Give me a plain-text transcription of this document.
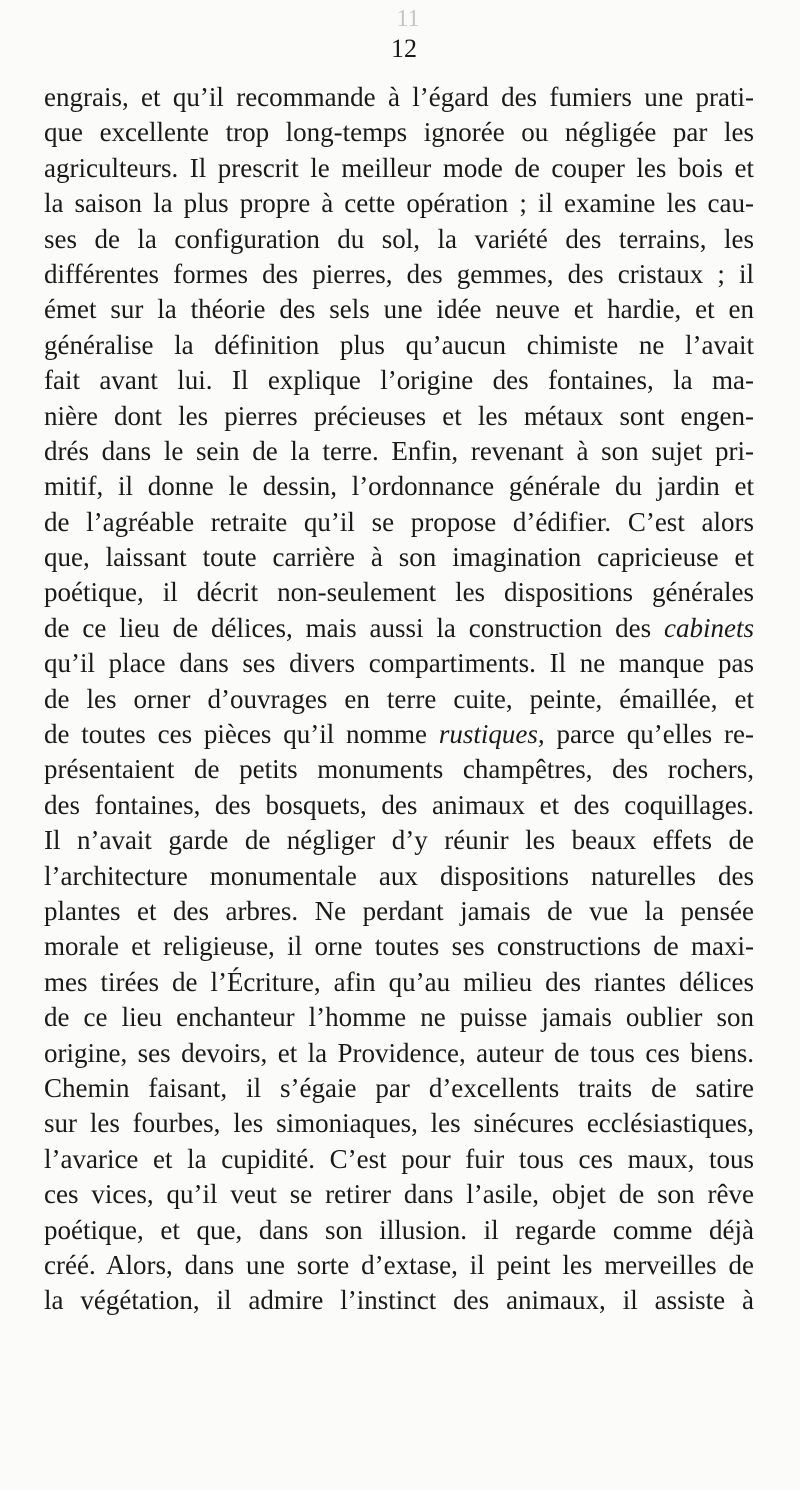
11
12
engrais, et qu’il recommande à l’égard des fumiers une prati-
que excellente trop long-temps ignorée ou négligée par les
agriculteurs. Il prescrit le meilleur mode de couper les bois et
la saison la plus propre à cette opération ; il examine les cau-
ses de la configuration du sol, la variété des terrains, les
différentes formes des pierres, des gemmes, des cristaux ; il
émet sur la théorie des sels une idée neuve et hardie, et en
généralise la définition plus qu’aucun chimiste ne l’avait
fait avant lui. Il explique l’origine des fontaines, la ma-
nière dont les pierres précieuses et les métaux sont engen-
drés dans le sein de la terre. Enfin, revenant à son sujet pri-
mitif, il donne le dessin, l’ordonnance générale du jardin et
de l’agréable retraite qu’il se propose d’édifier. C’est alors
que, laissant toute carrière à son imagination capricieuse et
poétique, il décrit non-seulement les dispositions générales
de ce lieu de délices, mais aussi la construction des cabinets
qu’il place dans ses divers compartiments. Il ne manque pas
de les orner d’ouvrages en terre cuite, peinte, émaillée, et
de toutes ces pièces qu’il nomme rustiques, parce qu’elles re-
présentaient de petits monuments champêtres, des rochers,
des fontaines, des bosquets, des animaux et des coquillages.
Il n’avait garde de négliger d’y réunir les beaux effets de
l’architecture monumentale aux dispositions naturelles des
plantes et des arbres. Ne perdant jamais de vue la pensée
morale et religieuse, il orne toutes ses constructions de maxi-
mes tirées de l’Écriture, afin qu’au milieu des riantes délices
de ce lieu enchanteur l’homme ne puisse jamais oublier son
origine, ses devoirs, et la Providence, auteur de tous ces biens.
Chemin faisant, il s’égaie par d’excellents traits de satire
sur les fourbes, les simoniaques, les sinécures ecclésiastiques,
l’avarice et la cupidité. C’est pour fuir tous ces maux, tous
ces vices, qu’il veut se retirer dans l’asile, objet de son rêve
poétique, et que, dans son illusion. il regarde comme déjà
créé. Alors, dans une sorte d’extase, il peint les merveilles de
la végétation, il admire l’instinct des animaux, il assiste à
